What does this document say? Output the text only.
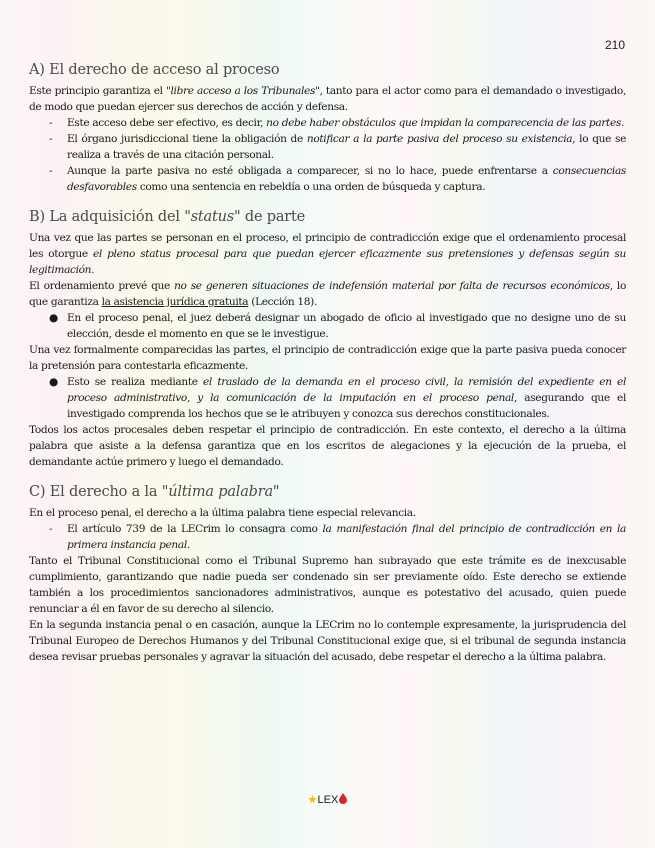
210
A) El derecho de acceso al proceso

Este principio garantiza el "libre acceso a los Tribunales", tanto para el actor como para el demandado o investigado, de modo que puedan ejercer sus derechos de acción y defensa.

- Este acceso debe ser efectivo, es decir, no debe haber obstáculos que impidan la comparecencia de las partes.
- El órgano jurisdiccional tiene la obligación de notificar a la parte pasiva del proceso su existencia, lo que se realiza a través de una citación personal.
- Aunque la parte pasiva no esté obligada a comparecer, si no lo hace, puede enfrentarse a consecuencias desfavorables como una sentencia en rebeldía o una orden de búsqueda y captura.
B) La adquisición del "status" de parte

Una vez que las partes se personan en el proceso, el principio de contradicción exige que el ordenamiento procesal les otorgue el pleno status procesal para que puedan ejercer eficazmente sus pretensiones y defensas según su legitimación.

El ordenamiento prevé que no se generen situaciones de indefensión material por falta de recursos económicos, lo que garantiza la asistencia jurídica gratuita (Lección 18).

● En el proceso penal, el juez deberá designar un abogado de oficio al investigado que no designe uno de su elección, desde el momento en que se le investigue.

Una vez formalmente comparecidas las partes, el principio de contradicción exige que la parte pasiva pueda conocer la pretensión para contestarla eficazmente.

● Esto se realiza mediante el traslado de la demanda en el proceso civil, la remisión del expediente en el proceso administrativo, y la comunicación de la imputación en el proceso penal, asegurando que el investigado comprenda los hechos que se le atribuyen y conozca sus derechos constitucionales.

Todos los actos procesales deben respetar el principio de contradicción. En este contexto, el derecho a la última palabra que asiste a la defensa garantiza que en los escritos de alegaciones y la ejecución de la prueba, el demandante actúe primero y luego el demandado.

C) El derecho a la "última palabra"

En el proceso penal, el derecho a la última palabra tiene especial relevancia.

- El artículo 739 de la LECrim lo consagra como la manifestación final del principio de contradicción en la primera instancia penal.

Tanto el Tribunal Constitucional como el Tribunal Supremo han subrayado que este trámite es de inexcusable cumplimiento, garantizando que nadie pueda ser condenado sin ser previamente oído. Este derecho se extiende también a los procedimientos sancionadores administrativos, aunque es potestativo del acusado, quien puede renunciar a él en favor de su derecho al silencio.

En la segunda instancia penal o en casación, aunque la LECrim no lo contemple expresamente, la jurisprudencia del Tribunal Europeo de Derechos Humanos y del Tribunal Constitucional exige que, si el tribunal de segunda instancia desea revisar pruebas personales y agravar la situación del acusado, debe respetar el derecho a la última palabra.

★LEX
